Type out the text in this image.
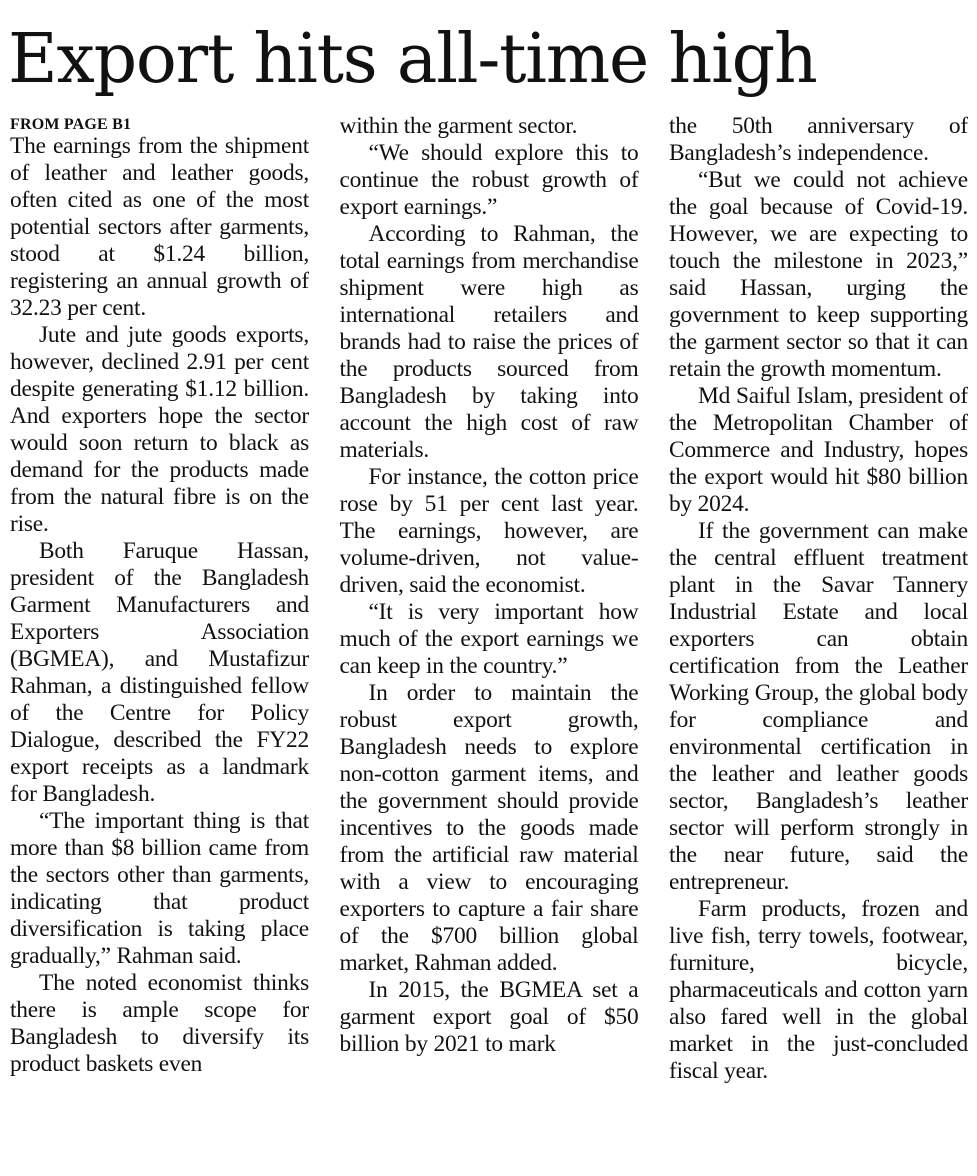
Export hits all-time high
FROM PAGE B1

The earnings from the shipment of leather and leather goods, often cited as one of the most potential sectors after garments, stood at $1.24 billion, registering an annual growth of 32.23 per cent.

Jute and jute goods exports, however, declined 2.91 per cent despite generating $1.12 billion. And exporters hope the sector would soon return to black as demand for the products made from the natural fibre is on the rise.

Both Faruque Hassan, president of the Bangladesh Garment Manufacturers and Exporters Association (BGMEA), and Mustafizur Rahman, a distinguished fellow of the Centre for Policy Dialogue, described the FY22 export receipts as a landmark for Bangladesh.

“The important thing is that more than $8 billion came from the sectors other than garments, indicating that product diversification is taking place gradually,” Rahman said.

The noted economist thinks there is ample scope for Bangladesh to diversify its product baskets even

within the garment sector.

“We should explore this to continue the robust growth of export earnings.”

According to Rahman, the total earnings from merchandise shipment were high as international retailers and brands had to raise the prices of the products sourced from Bangladesh by taking into account the high cost of raw materials.

For instance, the cotton price rose by 51 per cent last year. The earnings, however, are volume-driven, not value-driven, said the economist.

“It is very important how much of the export earnings we can keep in the country.”

In order to maintain the robust export growth, Bangladesh needs to explore non-cotton garment items, and the government should provide incentives to the goods made from the artificial raw material with a view to encouraging exporters to capture a fair share of the $700 billion global market, Rahman added.

In 2015, the BGMEA set a garment export goal of $50 billion by 2021 to mark

the 50th anniversary of Bangladesh’s independence.

“But we could not achieve the goal because of Covid-19. However, we are expecting to touch the milestone in 2023,” said Hassan, urging the government to keep supporting the garment sector so that it can retain the growth momentum.

Md Saiful Islam, president of the Metropolitan Chamber of Commerce and Industry, hopes the export would hit $80 billion by 2024.

If the government can make the central effluent treatment plant in the Savar Tannery Industrial Estate and local exporters can obtain certification from the Leather Working Group, the global body for compliance and environmental certification in the leather and leather goods sector, Bangladesh’s leather sector will perform strongly in the near future, said the entrepreneur.

Farm products, frozen and live fish, terry towels, footwear, furniture, bicycle, pharmaceuticals and cotton yarn also fared well in the global market in the just-concluded fiscal year.
